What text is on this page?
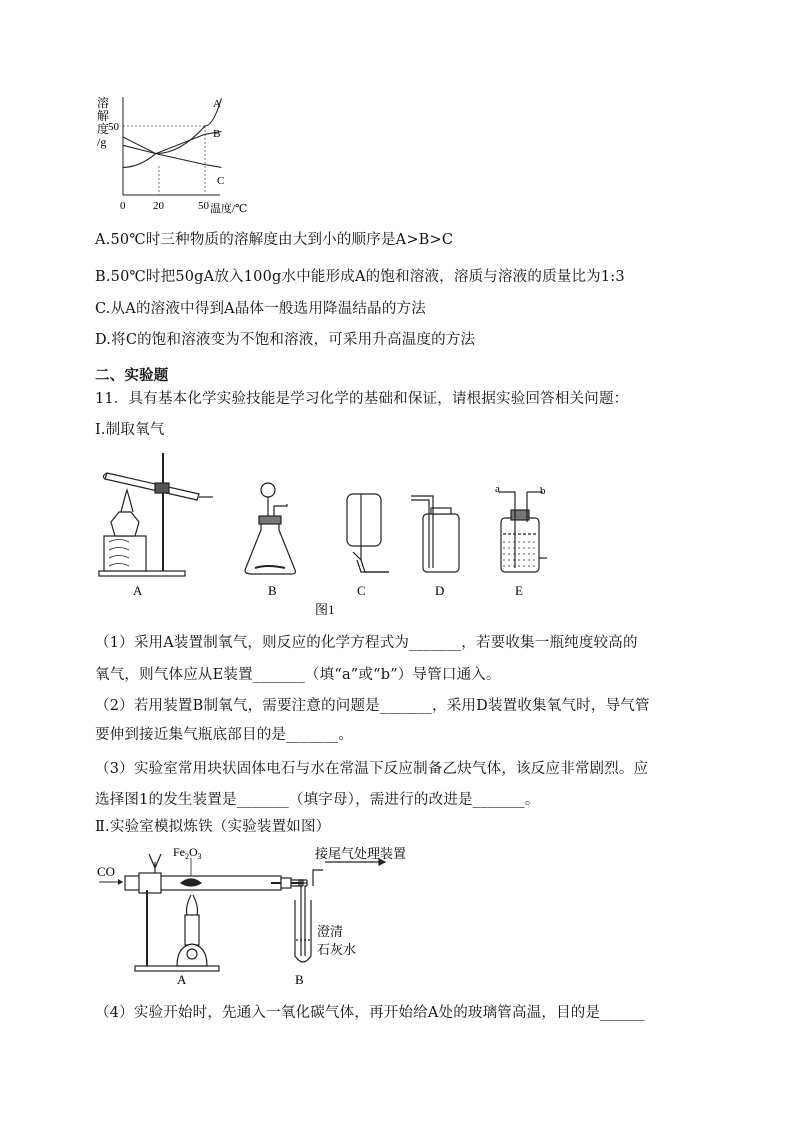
溶
解
度
/g
50
0	20	50 温度/℃
A
B
C
A.50℃时三种物质的溶解度由大到小的顺序是A>B>C
B.50℃时把50gA放入100g水中能形成A的饱和溶液，溶质与溶液的质量比为1:3
C.从A的溶液中得到A晶体一般选用降温结晶的方法
D.将C的饱和溶液变为不饱和溶液，可采用升高温度的方法
二、实验题
11．具有基本化学实验技能是学习化学的基础和保证，请根据实验回答相关问题：
Ⅰ.制取氧气
a	b
A	B	C	D	E
图1
（1）采用A装置制氧气，则反应的化学方程式为_______，若要收集一瓶纯度较高的
氧气，则气体应从E装置_______（填“a”或“b”）导管口通入。
（2）若用装置B制氧气，需要注意的问题是_______，采用D装置收集氧气时，导气管
要伸到接近集气瓶底部目的是_______。
（3）实验室常用块状固体电石与水在常温下反应制备乙炔气体，该反应非常剧烈。应
选择图1的发生装置是_______（填字母），需进行的改进是_______。
Ⅱ.实验室模拟炼铁（实验装置如图）
CO
$Fe_2O_3$	接尾气处理装置
澄清
石灰水
A	B
（4）实验开始时，先通入一氧化碳气体，再开始给A处的玻璃管高温，目的是______
